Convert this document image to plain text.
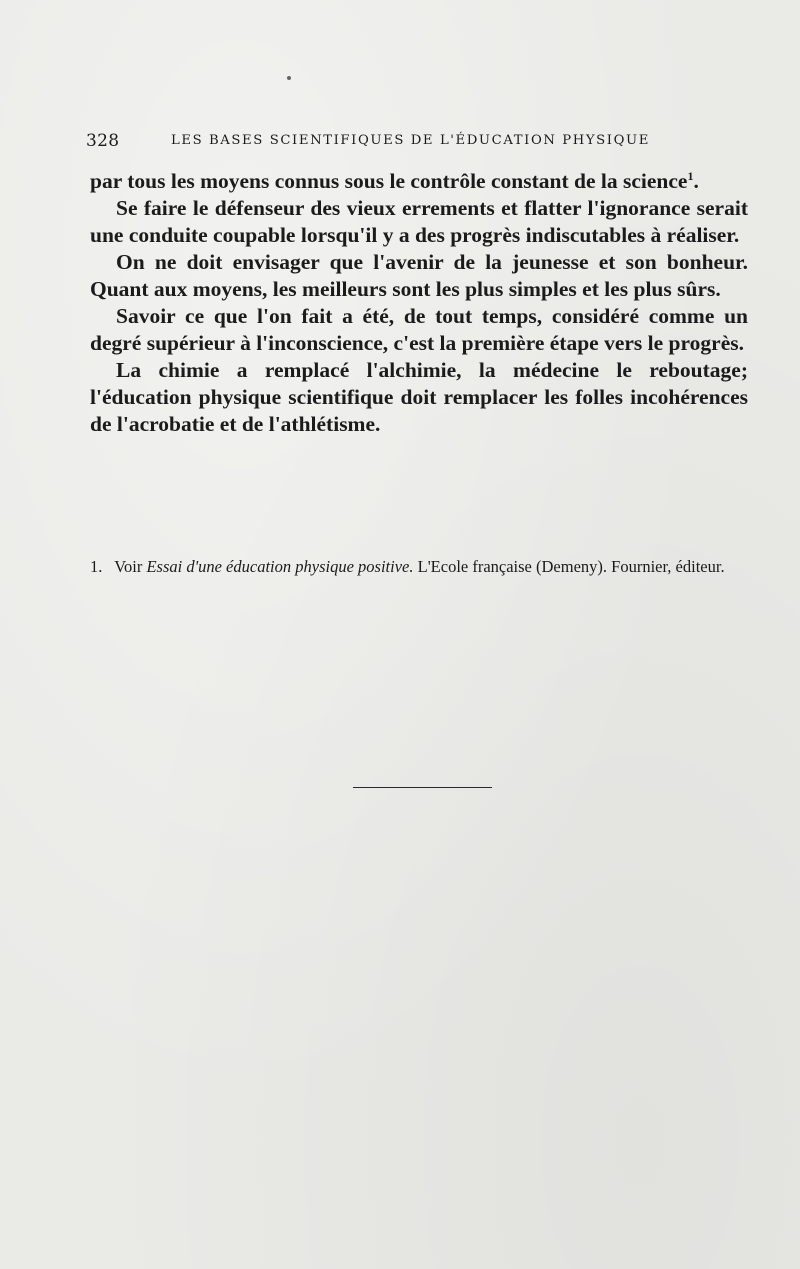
328	LES BASES SCIENTIFIQUES DE L'ÉDUCATION PHYSIQUE

par tous les moyens connus sous le contrôle constant de la science$^1$.

Se faire le défenseur des vieux errements et flatter l'ignorance serait une conduite coupable lorsqu'il y a des progrès indiscutables à réaliser.

On ne doit envisager que l'avenir de la jeunesse et son bonheur. Quant aux moyens, les meilleurs sont les plus simples et les plus sûrs.

Savoir ce que l'on fait a été, de tout temps, considéré comme un degré supérieur à l'inconscience, c'est la première étape vers le progrès.

La chimie a remplacé l'alchimie, la médecine le reboutage; l'éducation physique scientifique doit remplacer les folles incohérences de l'acrobatie et de l'athlétisme.

1. Voir Essai d'une éducation physique positive. L'Ecole française (Demeny). Fournier, éditeur.
